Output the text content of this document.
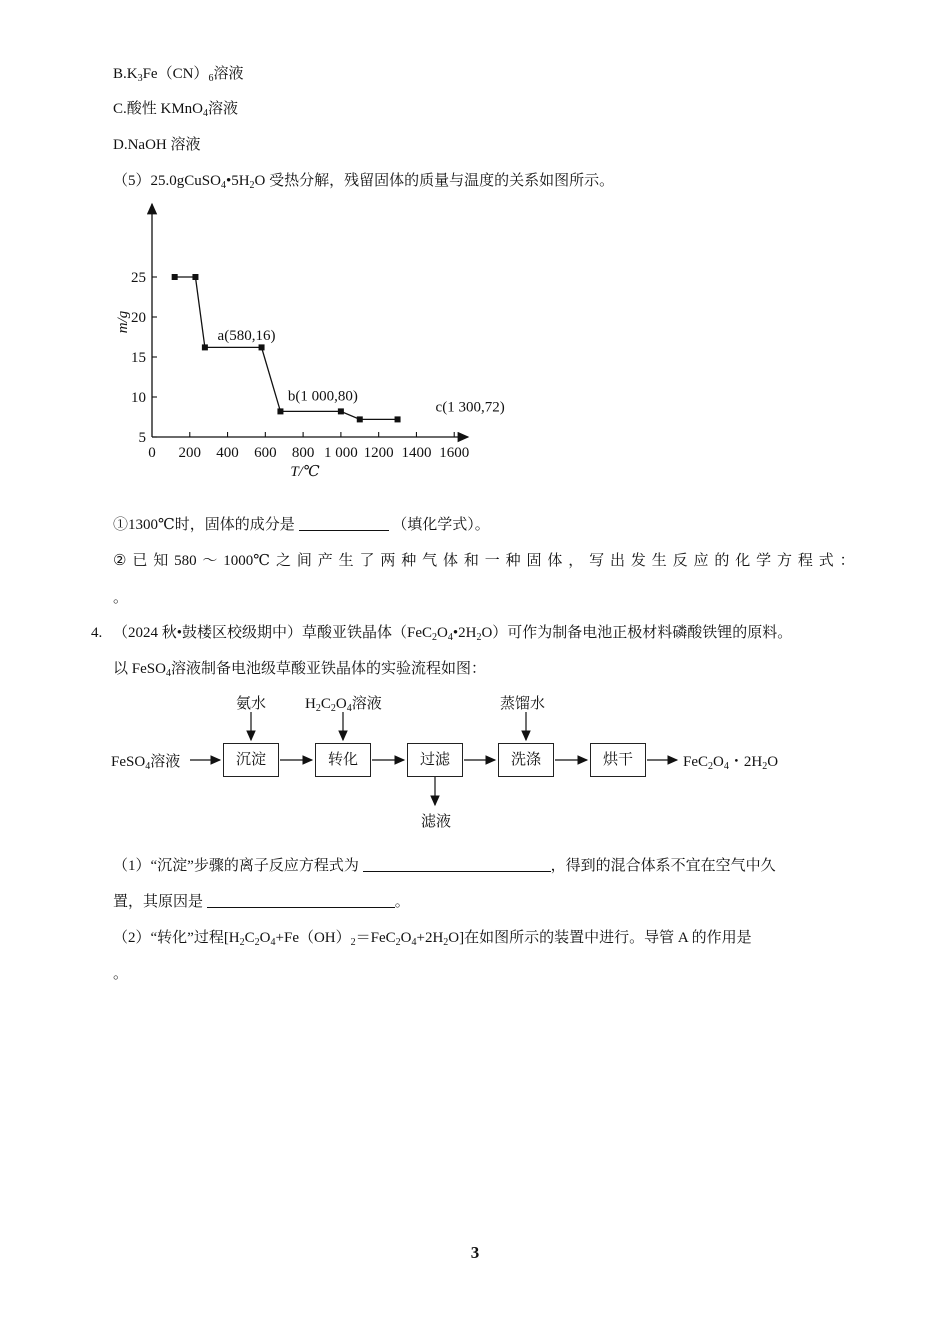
$B.K_3Fe(CN)_6$溶液
C.酸性 KMnO$_4$溶液
D.NaOH 溶液
$(5)25.0gCuSO_4•5H_2O$ 受热分解，残留固体的质量与温度的关系如图所示。
0 200 400 600 800 1 000 1200 1400 1600
5
10
15
20
25
a(580,16)
b(1 000,80)
c(1 300,72)
m/g
T/℃
①1300℃时，固体的成分是	（填化学式）。
② 已 知 580 ～ 1000℃ 之 间 产 生 了 两 种 气 体 和 一 种 固 体 ， 写 出 发 生 反 应 的 化 学 方 程 式 ：
。
4. （2024 秋•鼓楼区校级期中）草酸亚铁晶体$(FeC_2O_4•2H_2O)$可作为制备电池正极材料磷酸铁锂的原料。
以 FeSO$_4$溶液制备电池级草酸亚铁晶体的实验流程如图：
FeSO$_4$溶液	沉淀	转化	过滤	洗涤	烘干
氨水	$H_2C_2O_4$溶液	蒸馏水
滤液
$FeC_2O_4$・$2H_2O$
（1）“沉淀”步骤的离子反应方程式为	，得到的混合体系不宜在空气中久
置，其原因是	。
（2）“转化”过程$[H_2C_2O_4+Fe(OH)_2=FeC_2O_4+2H_2O]$在如图所示的装置中进行。导管 A 的作用是
。
3
